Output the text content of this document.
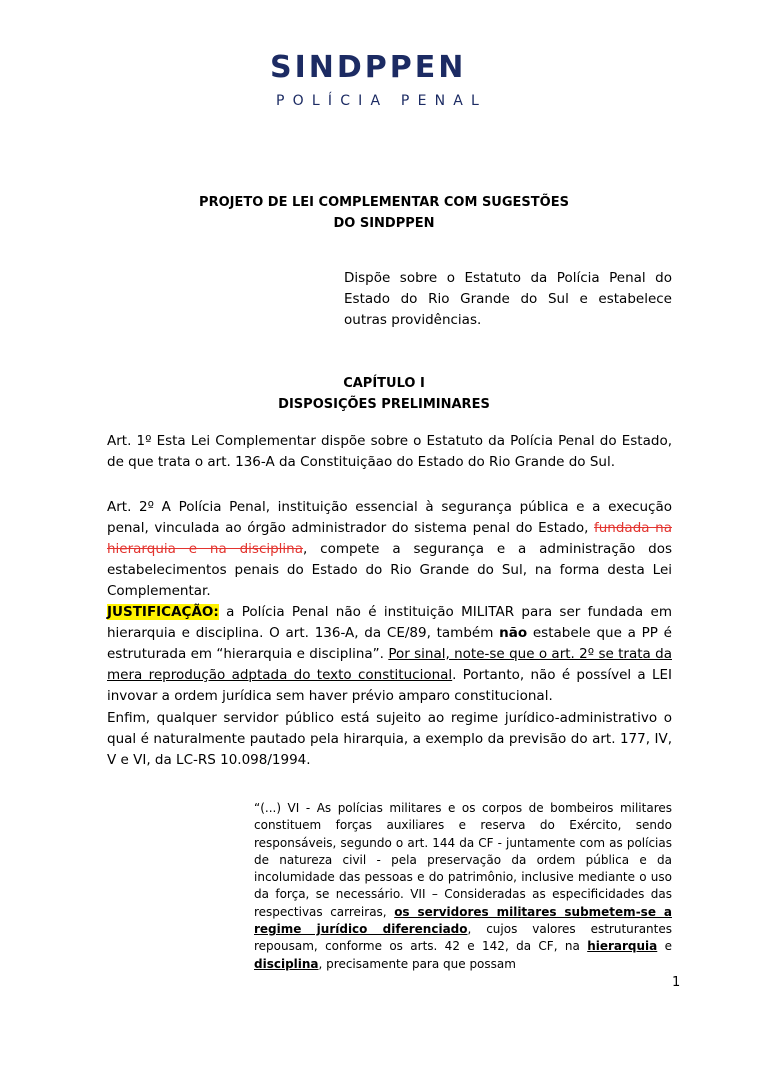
SINDPPEN
POLÍCIA PENAL
PROJETO DE LEI COMPLEMENTAR COM SUGESTÕES
DO SINDPPEN
Dispõe sobre o Estatuto da Polícia Penal do Estado do Rio Grande do Sul e estabelece outras providências.
CAPÍTULO I
DISPOSIÇÕES PRELIMINARES
Art. 1º Esta Lei Complementar dispõe sobre o Estatuto da Polícia Penal do Estado, de que trata o art. 136-A da Constituiçãao do Estado do Rio Grande do Sul.
Art. 2º A Polícia Penal, instituição essencial à segurança pública e a execução penal, vinculada ao órgão administrador do sistema penal do Estado, fundada na hierarquia e na disciplina, compete a segurança e a administração dos estabelecimentos penais do Estado do Rio Grande do Sul, na forma desta Lei Complementar.
JUSTIFICAÇÃO: a Polícia Penal não é instituição MILITAR para ser fundada em hierarquia e disciplina. O art. 136-A, da CE/89, também não estabele que a PP é estruturada em “hierarquia e disciplina”. Por sinal, note-se que o art. 2º se trata da mera reprodução adptada do texto constitucional. Portanto, não é possível a LEI invovar a ordem jurídica sem haver prévio amparo constitucional.
Enfim, qualquer servidor público está sujeito ao regime jurídico-administrativo o qual é naturalmente pautado pela hirarquia, a exemplo da previsão do art. 177, IV, V e VI, da LC-RS 10.098/1994.
“(...) VI - As polícias militares e os corpos de bombeiros militares constituem forças auxiliares e reserva do Exército, sendo responsáveis, segundo o art. 144 da CF - juntamente com as polícias de natureza civil - pela preservação da ordem pública e da incolumidade das pessoas e do patrimônio, inclusive mediante o uso da força, se necessário. VII – Consideradas as especificidades das respectivas carreiras, os servidores militares submetem-se a regime jurídico diferenciado, cujos valores estruturantes repousam, conforme os arts. 42 e 142, da CF, na hierarquia e disciplina, precisamente para que possam
1
